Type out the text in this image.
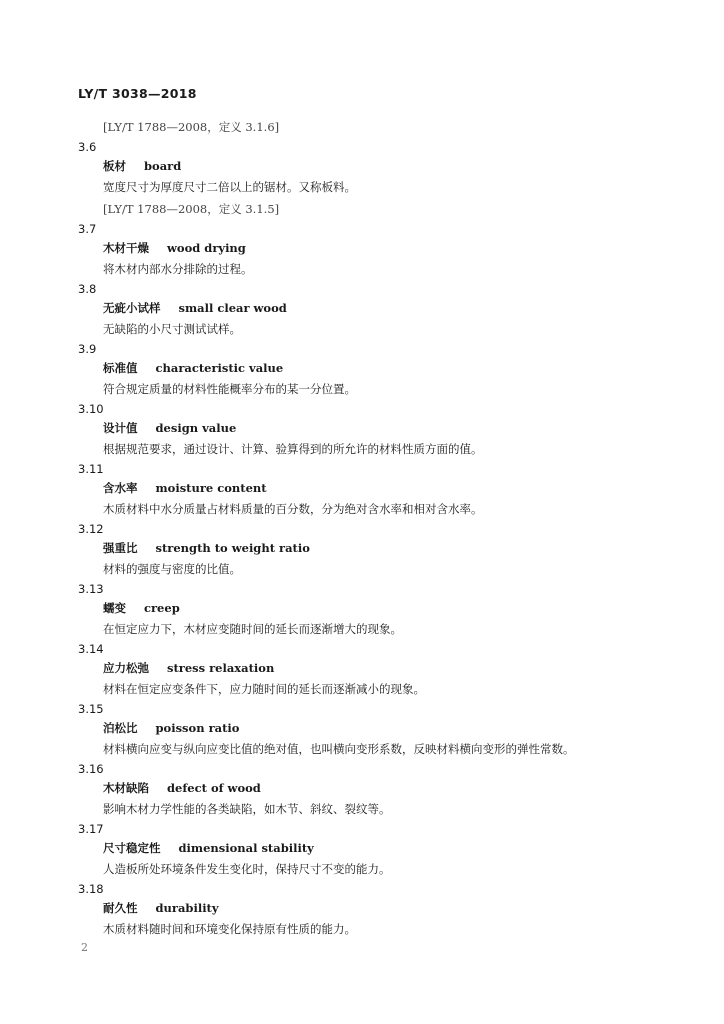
LY/T 3038—2018
[LY/T 1788—2008，定义 3.1.6]
3.6
板材 board
宽度尺寸为厚度尺寸二倍以上的锯材。又称板料。
[LY/T 1788—2008，定义 3.1.5]
3.7
木材干燥 wood drying
将木材内部水分排除的过程。
3.8
无疵小试样 small clear wood
无缺陷的小尺寸测试试样。
3.9
标准值 characteristic value
符合规定质量的材料性能概率分布的某一分位置。
3.10
设计值 design value
根据规范要求，通过设计、计算、验算得到的所允许的材料性质方面的值。
3.11
含水率 moisture content
木质材料中水分质量占材料质量的百分数，分为绝对含水率和相对含水率。
3.12
强重比 strength to weight ratio
材料的强度与密度的比值。
3.13
蠕变 creep
在恒定应力下，木材应变随时间的延长而逐渐增大的现象。
3.14
应力松弛 stress relaxation
材料在恒定应变条件下，应力随时间的延长而逐渐减小的现象。
3.15
泊松比 poisson ratio
材料横向应变与纵向应变比值的绝对值，也叫横向变形系数，反映材料横向变形的弹性常数。
3.16
木材缺陷 defect of wood
影响木材力学性能的各类缺陷，如木节、斜纹、裂纹等。
3.17
尺寸稳定性 dimensional stability
人造板所处环境条件发生变化时，保持尺寸不变的能力。
3.18
耐久性 durability
木质材料随时间和环境变化保持原有性质的能力。
2
